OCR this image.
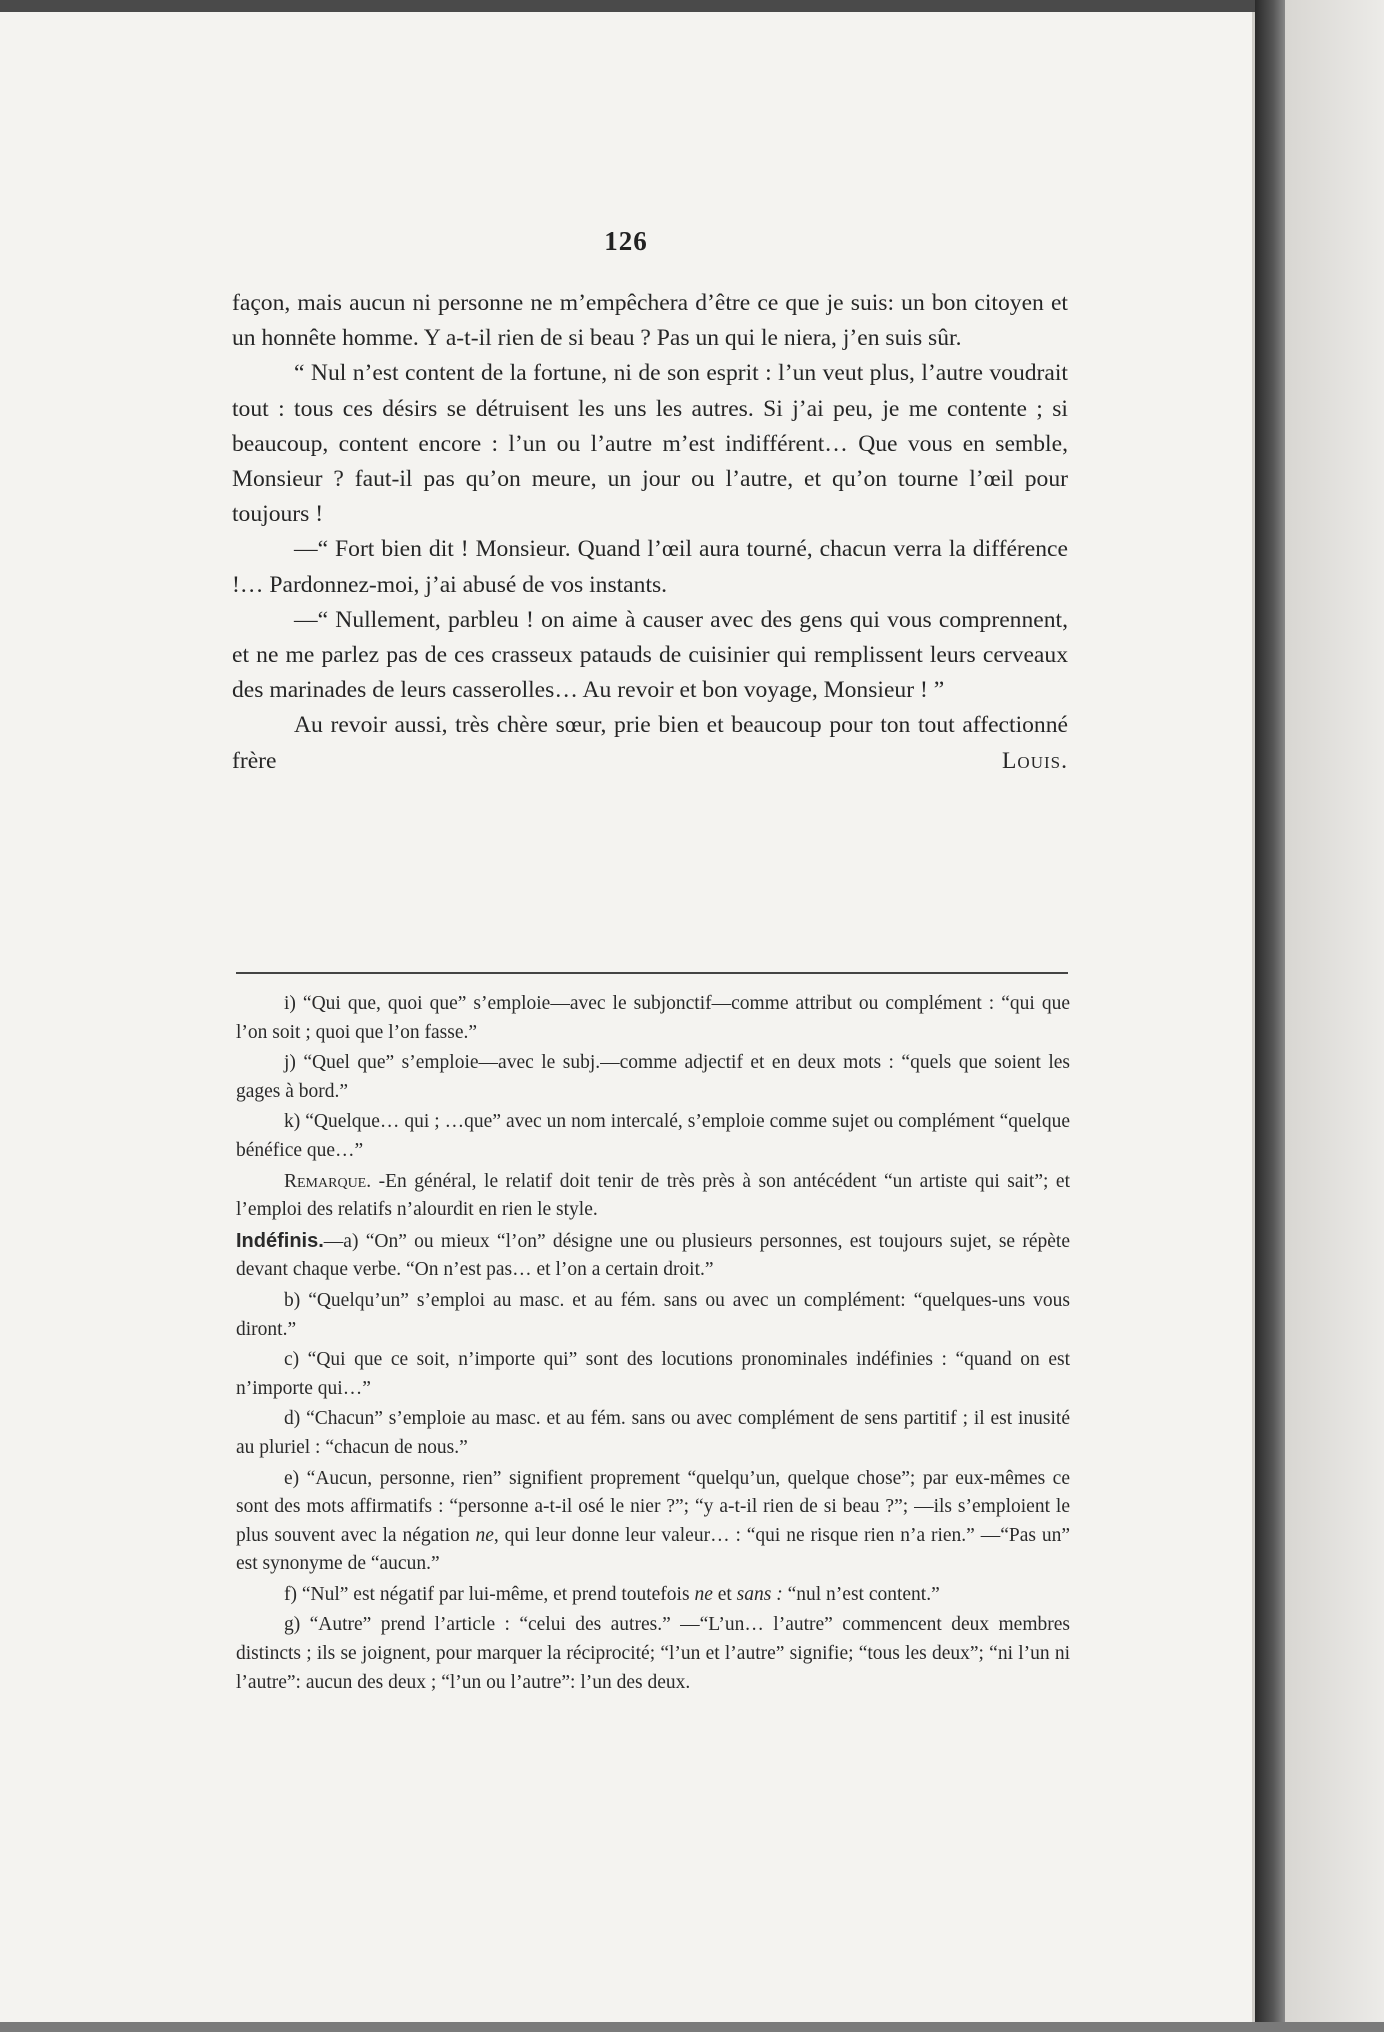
126

façon, mais aucun ni personne ne m’empêchera d’être ce que je suis: un bon citoyen et un honnête homme. Y a-t-il rien de si beau ? Pas un qui le niera, j’en suis sûr.

“ Nul n’est content de la fortune, ni de son esprit : l’un veut plus, l’autre voudrait tout : tous ces désirs se détruisent les uns les autres. Si j’ai peu, je me contente ; si beaucoup, content encore : l’un ou l’autre m’est indifférent… Que vous en semble, Monsieur ? faut-il pas qu’on meure, un jour ou l’autre, et qu’on tourne l’œil pour toujours !

—“ Fort bien dit ! Monsieur. Quand l’œil aura tourné, chacun verra la différence !… Pardonnez-moi, j’ai abusé de vos instants.

—“ Nullement, parbleu ! on aime à causer avec des gens qui vous comprennent, et ne me parlez pas de ces crasseux patauds de cuisinier qui remplissent leurs cerveaux des marinades de leurs casserolles… Au revoir et bon voyage, Monsieur ! ”

Au revoir aussi, très chère sœur, prie bien et beaucoup pour ton tout affectionné frère	Louis.

i) “Qui que, quoi que” s’emploie—avec le subjonctif—comme attribut ou complément : “qui que l’on soit ; quoi que l’on fasse.”

j) “Quel que” s’emploie—avec le subj.—comme adjectif et en deux mots : “quels que soient les gages à bord.”

k) “Quelque… qui ; …que” avec un nom intercalé, s’emploie comme sujet ou complément “quelque bénéfice que…”

Remarque. -En général, le relatif doit tenir de très près à son antécédent “un artiste qui sait”; et l’emploi des relatifs n’alourdit en rien le style.

Indéfinis.—a) “On” ou mieux “l’on” désigne une ou plusieurs personnes, est toujours sujet, se répète devant chaque verbe. “On n’est pas… et l’on a certain droit.”

b) “Quelqu’un” s’emploi au masc. et au fém. sans ou avec un complément: “quelques-uns vous diront.”

c) “Qui que ce soit, n’importe qui” sont des locutions pronominales indéfinies : “quand on est n’importe qui…”

d) “Chacun” s’emploie au masc. et au fém. sans ou avec complément de sens partitif ; il est inusité au pluriel : “chacun de nous.”

e) “Aucun, personne, rien” signifient proprement “quelqu’un, quelque chose”; par eux-mêmes ce sont des mots affirmatifs : “personne a-t-il osé le nier ?”; “y a-t-il rien de si beau ?”; —ils s’emploient le plus souvent avec la négation ne, qui leur donne leur valeur… : “qui ne risque rien n’a rien.” —“Pas un” est synonyme de “aucun.”

f) “Nul” est négatif par lui-même, et prend toutefois ne et sans : “nul n’est content.”

g) “Autre” prend l’article : “celui des autres.” —“L’un… l’autre” commencent deux membres distincts ; ils se joignent, pour marquer la réciprocité; “l’un et l’autre” signifie; “tous les deux”; “ni l’un ni l’autre”: aucun des deux ; “l’un ou l’autre”: l’un des deux.
